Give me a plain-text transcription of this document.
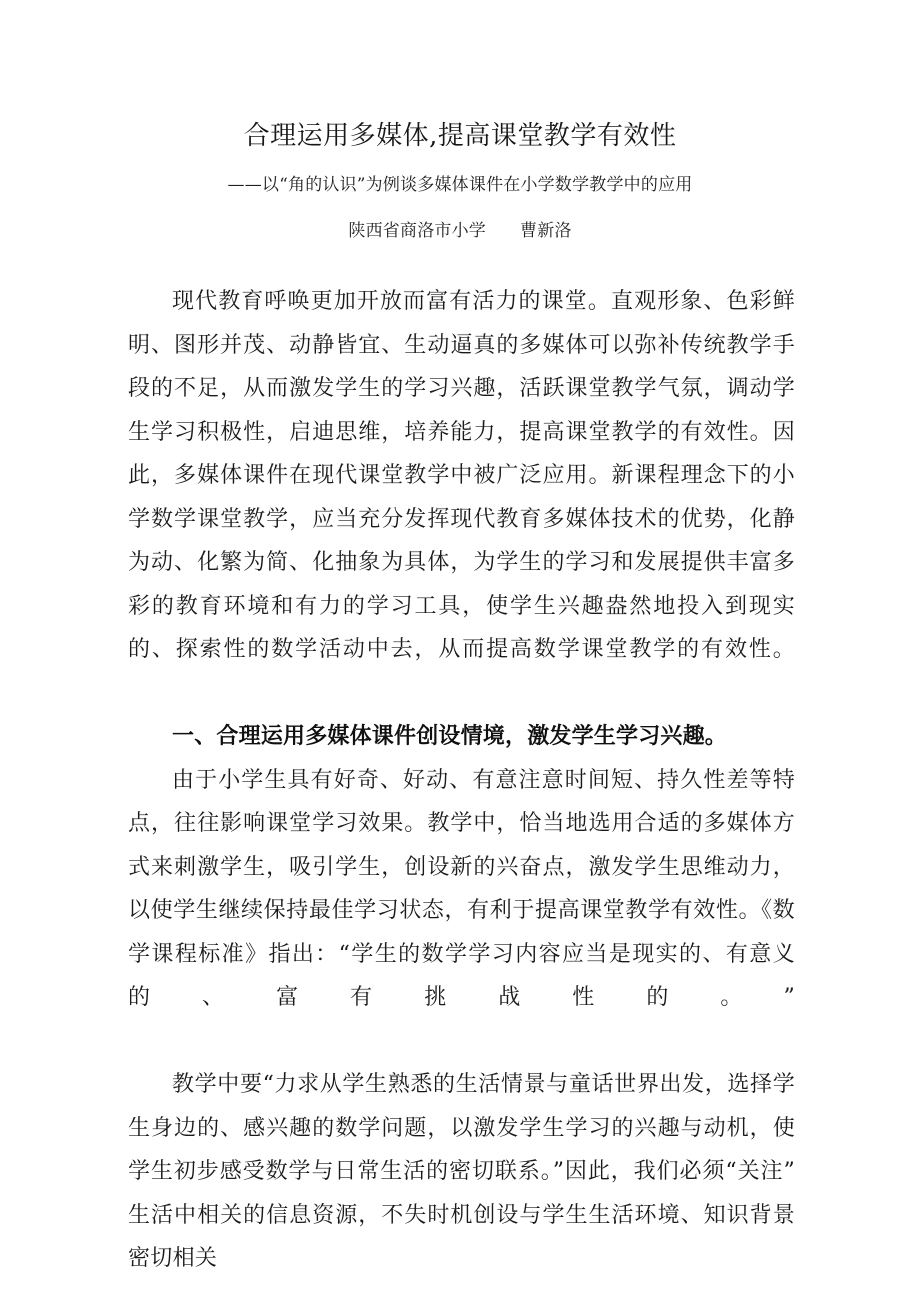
合理运用多媒体,提高课堂教学有效性
——以“角的认识”为例谈多媒体课件在小学数学教学中的应用
陕西省商洛市小学 曹新洛

现代教育呼唤更加开放而富有活力的课堂。直观形象、色彩鲜明、图形并茂、动静皆宜、生动逼真的多媒体可以弥补传统教学手段的不足，从而激发学生的学习兴趣，活跃课堂教学气氛，调动学生学习积极性，启迪思维，培养能力，提高课堂教学的有效性。因此，多媒体课件在现代课堂教学中被广泛应用。新课程理念下的小学数学课堂教学，应当充分发挥现代教育多媒体技术的优势，化静为动、化繁为简、化抽象为具体，为学生的学习和发展提供丰富多彩的教育环境和有力的学习工具，使学生兴趣盎然地投入到现实的、探索性的数学活动中去，从而提高数学课堂教学的有效性。

一、合理运用多媒体课件创设情境，激发学生学习兴趣。

由于小学生具有好奇、好动、有意注意时间短、持久性差等特点，往往影响课堂学习效果。教学中，恰当地选用合适的多媒体方式来刺激学生，吸引学生，创设新的兴奋点，激发学生思维动力，以使学生继续保持最佳学习状态，有利于提高课堂教学有效性。《数学课程标准》指出：“学生的数学学习内容应当是现实的、有意义的、富有挑战性的。”

教学中要“力求从学生熟悉的生活情景与童话世界出发，选择学生身边的、感兴趣的数学问题，以激发学生学习的兴趣与动机，使学生初步感受数学与日常生活的密切联系。”因此，我们必须“关注”生活中相关的信息资源，不失时机创设与学生生活环境、知识背景密切相关
